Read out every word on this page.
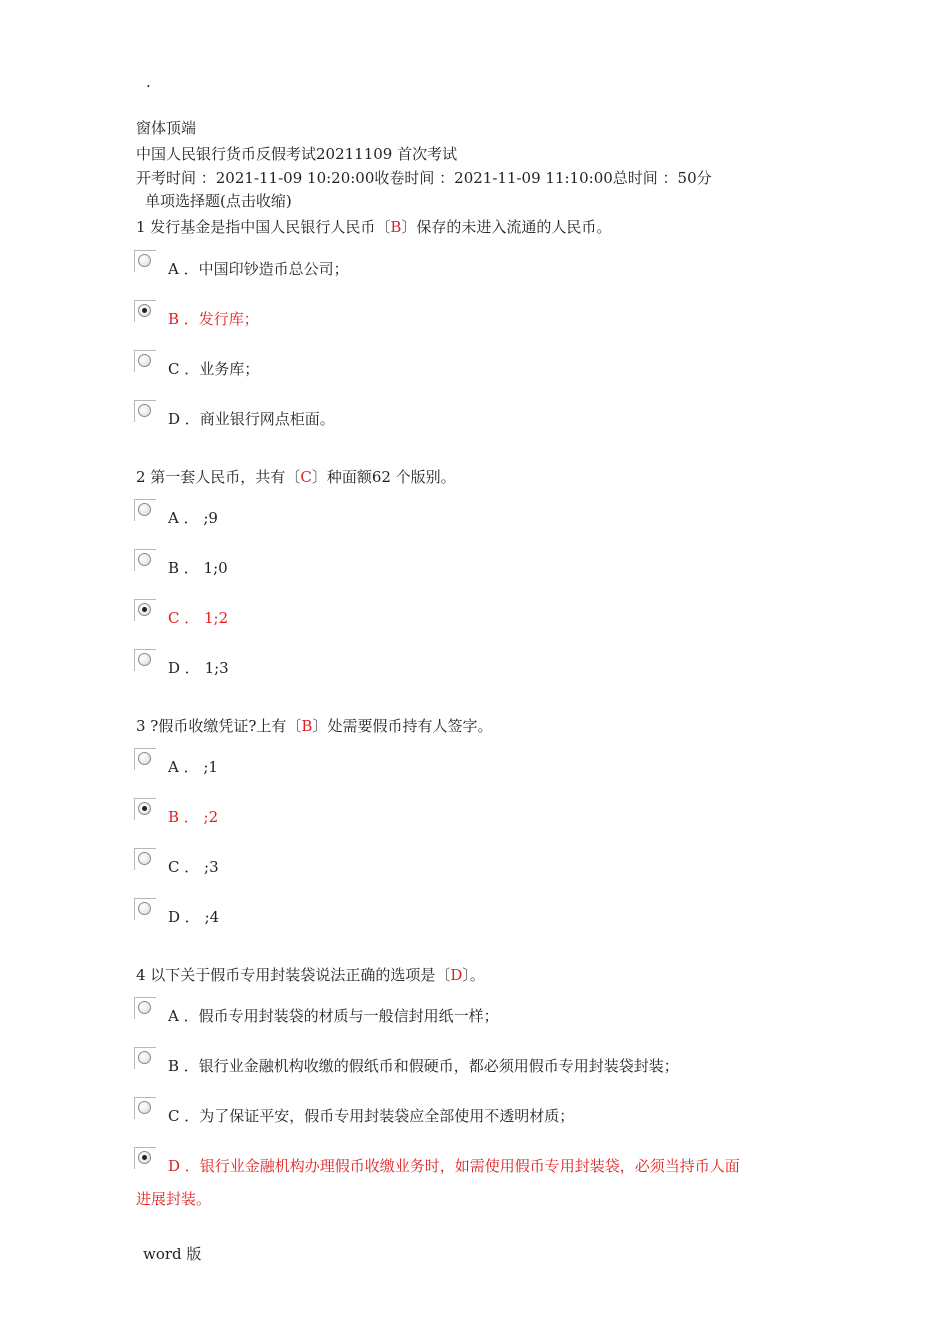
.
窗体顶端
中国人民银行货币反假考试20211109 首次考试
开考时间 ：2021-11-09 10:20:00收卷时间 ：2021-11-09 11:10:00总时间 ：50分
单项选择题(点击收缩)
1 发行基金是指中国人民银行人民币〔B〕保存的未进入流通的人民币。
A ．中国印钞造币总公司；
B ．发行库；
C ．业务库；
D ．商业银行网点柜面。
2 第一套人民币，共有〔C〕种面额62 个版别。
A ． ;9
B ． 1;0
C ． 1;2
D ． 1;3
3 ?假币收缴凭证?上有〔B〕处需要假币持有人签字。
A ． ;1
B ． ;2
C ． ;3
D ． ;4
4 以下关于假币专用封装袋说法正确的选项是〔D〕。
A ．假币专用封装袋的材质与一般信封用纸一样；
B ．银行业金融机构收缴的假纸币和假硬币，都必须用假币专用封装袋封装；
C ．为了保证平安，假币专用封装袋应全部使用不透明材质；
D ．银行业金融机构办理假币收缴业务时，如需使用假币专用封装袋，必须当持币人面
进展封装。
word 版
